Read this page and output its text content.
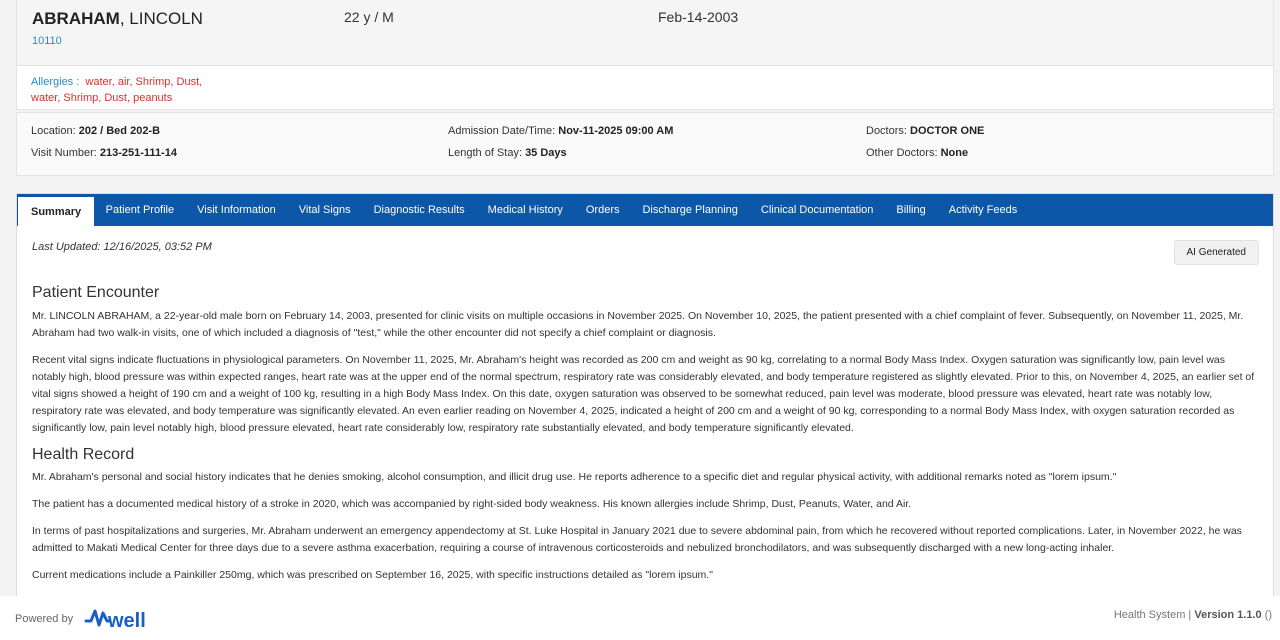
ABRAHAM, LINCOLN
10110
22 y / M	Feb-14-2003
Allergies : water, air, Shrimp, Dust,
water, Shrimp, Dust, peanuts
Location: 202 / Bed 202-B
Visit Number: 213-251-111-14
Admission Date/Time: Nov-11-2025 09:00 AM
Length of Stay: 35 Days
Doctors: DOCTOR ONE
Other Doctors: None
Summary	Patient Profile	Visit Information	Vital Signs	Diagnostic Results	Medical History	Orders	Discharge Planning	Clinical Documentation	Billing	Activity Feeds
Last Updated: 12/16/2025, 03:52 PM	AI Generated
Patient Encounter
Mr. LINCOLN ABRAHAM, a 22-year-old male born on February 14, 2003, presented for clinic visits on multiple occasions in November 2025. On November 10, 2025, the patient presented with a chief complaint of fever. Subsequently, on November 11, 2025, Mr. Abraham had two walk-in visits, one of which included a diagnosis of "test," while the other encounter did not specify a chief complaint or diagnosis.
Recent vital signs indicate fluctuations in physiological parameters. On November 11, 2025, Mr. Abraham's height was recorded as 200 cm and weight as 90 kg, correlating to a normal Body Mass Index. Oxygen saturation was significantly low, pain level was notably high, blood pressure was within expected ranges, heart rate was at the upper end of the normal spectrum, respiratory rate was considerably elevated, and body temperature registered as slightly elevated. Prior to this, on November 4, 2025, an earlier set of vital signs showed a height of 190 cm and a weight of 100 kg, resulting in a high Body Mass Index. On this date, oxygen saturation was observed to be somewhat reduced, pain level was moderate, blood pressure was elevated, heart rate was notably low, respiratory rate was elevated, and body temperature was significantly elevated. An even earlier reading on November 4, 2025, indicated a height of 200 cm and a weight of 90 kg, corresponding to a normal Body Mass Index, with oxygen saturation recorded as significantly low, pain level notably high, blood pressure elevated, heart rate considerably low, respiratory rate substantially elevated, and body temperature significantly elevated.
Health Record
Mr. Abraham's personal and social history indicates that he denies smoking, alcohol consumption, and illicit drug use. He reports adherence to a specific diet and regular physical activity, with additional remarks noted as "lorem ipsum."
The patient has a documented medical history of a stroke in 2020, which was accompanied by right-sided body weakness. His known allergies include Shrimp, Dust, Peanuts, Water, and Air.
In terms of past hospitalizations and surgeries, Mr. Abraham underwent an emergency appendectomy at St. Luke Hospital in January 2021 due to severe abdominal pain, from which he recovered without reported complications. Later, in November 2022, he was admitted to Makati Medical Center for three days due to a severe asthma exacerbation, requiring a course of intravenous corticosteroids and nebulized bronchodilators, and was subsequently discharged with a new long-acting inhaler.
Current medications include a Painkiller 250mg, which was prescribed on September 16, 2025, with specific instructions detailed as "lorem ipsum."
Powered by well	Health System | Version 1.1.0 ()
